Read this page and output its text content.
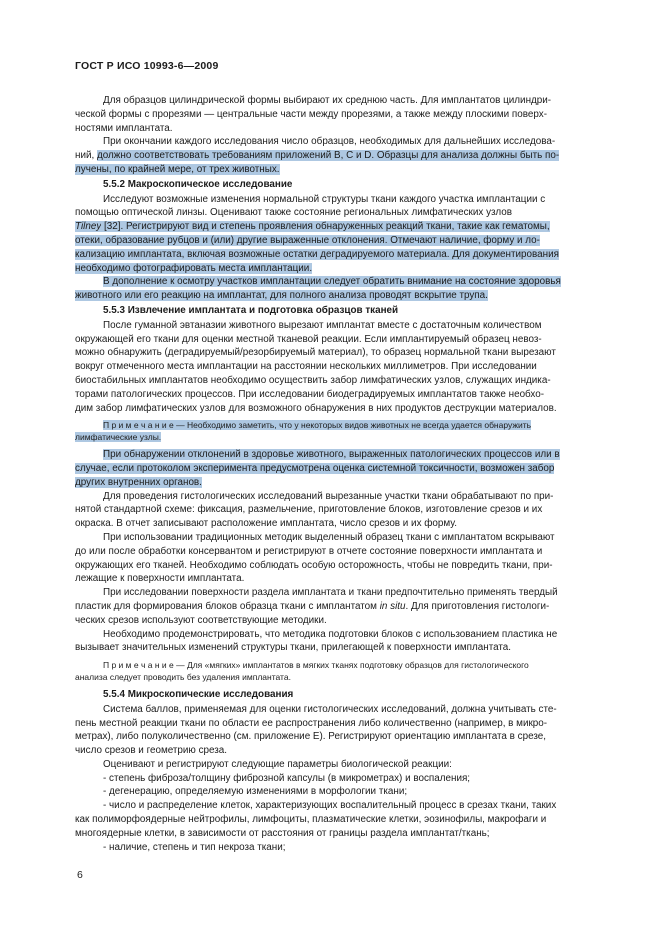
ГОСТ Р ИСО 10993-6—2009
Для образцов цилиндрической формы выбирают их среднюю часть. Для имплантатов цилиндри-
ческой формы с прорезями — центральные части между прорезями, а также между плоскими поверх-
ностями имплантата.
При окончании каждого исследования число образцов, необходимых для дальнейших исследова-
ний, должно соответствовать требованиям приложений B, C и D. Образцы для анализа должны быть по-
лучены, по крайней мере, от трех животных.
5.5.2 Макроскопическое исследование
Исследуют возможные изменения нормальной структуры ткани каждого участка имплантации с
помощью оптической линзы. Оценивают также состояние региональных лимфатических узлов
Tilney [32]. Регистрируют вид и степень проявления обнаруженных реакций ткани, такие как гематомы,
отеки, образование рубцов и (или) другие выраженные отклонения. Отмечают наличие, форму и ло-
кализацию имплантата, включая возможные остатки деградируемого материала. Для документирования
необходимо фотографировать места имплантации.
В дополнение к осмотру участков имплантации следует обратить внимание на состояние здоровья
животного или его реакцию на имплантат, для полного анализа проводят вскрытие трупа.
5.5.3 Извлечение имплантата и подготовка образцов тканей
После гуманной эвтаназии животного вырезают имплантат вместе с достаточным количеством
окружающей его ткани для оценки местной тканевой реакции. Если имплантируемый образец невоз-
можно обнаружить (деградируемый/резорбируемый материал), то образец нормальной ткани вырезают
вокруг отмеченного места имплантации на расстоянии нескольких миллиметров. При исследовании
биостабильных имплантатов необходимо осуществить забор лимфатических узлов, служащих индика-
торами патологических процессов. При исследовании биодеградируемых имплантатов также необхо-
дим забор лимфатических узлов для возможного обнаружения в них продуктов деструкции материалов.
П р и м е ч а н и е — Необходимо заметить, что у некоторых видов животных не всегда удается обнаружить
лимфатические узлы.
При обнаружении отклонений в здоровье животного, выраженных патологических процессов или в
случае, если протоколом эксперимента предусмотрена оценка системной токсичности, возможен забор
других внутренних органов.
Для проведения гистологических исследований вырезанные участки ткани обрабатывают по при-
нятой стандартной схеме: фиксация, размельчение, приготовление блоков, изготовление срезов и их
окраска. В отчет записывают расположение имплантата, число срезов и их форму.
При использовании традиционных методик выделенный образец ткани с имплантатом вскрывают
до или после обработки консервантом и регистрируют в отчете состояние поверхности имплантата и
окружающих его тканей. Необходимо соблюдать особую осторожность, чтобы не повредить ткани, при-
лежащие к поверхности имплантата.
При исследовании поверхности раздела имплантата и ткани предпочтительно применять твердый
пластик для формирования блоков образца ткани с имплантатом in situ. Для приготовления гистологи-
ческих срезов используют соответствующие методики.
Необходимо продемонстрировать, что методика подготовки блоков с использованием пластика не
вызывает значительных изменений структуры ткани, прилегающей к поверхности имплантата.
П р и м е ч а н и е — Для «мягких» имплантатов в мягких тканях подготовку образцов для гистологического
анализа следует проводить без удаления имплантата.
5.5.4 Микроскопические исследования
Система баллов, применяемая для оценки гистологических исследований, должна учитывать сте-
пень местной реакции ткани по области ее распространения либо количественно (например, в микро-
метрах), либо полуколичественно (см. приложение E). Регистрируют ориентацию имплантата в срезе,
число срезов и геометрию среза.
Оценивают и регистрируют следующие параметры биологической реакции:
- степень фиброза/толщину фиброзной капсулы (в микрометрах) и воспаления;
- дегенерацию, определяемую изменениями в морфологии ткани;
- число и распределение клеток, характеризующих воспалительный процесс в срезах ткани, таких
как полиморфоядерные нейтрофилы, лимфоциты, плазматические клетки, эозинофилы, макрофаги и
многоядерные клетки, в зависимости от расстояния от границы раздела имплантат/ткань;
- наличие, степень и тип некроза ткани;
6
